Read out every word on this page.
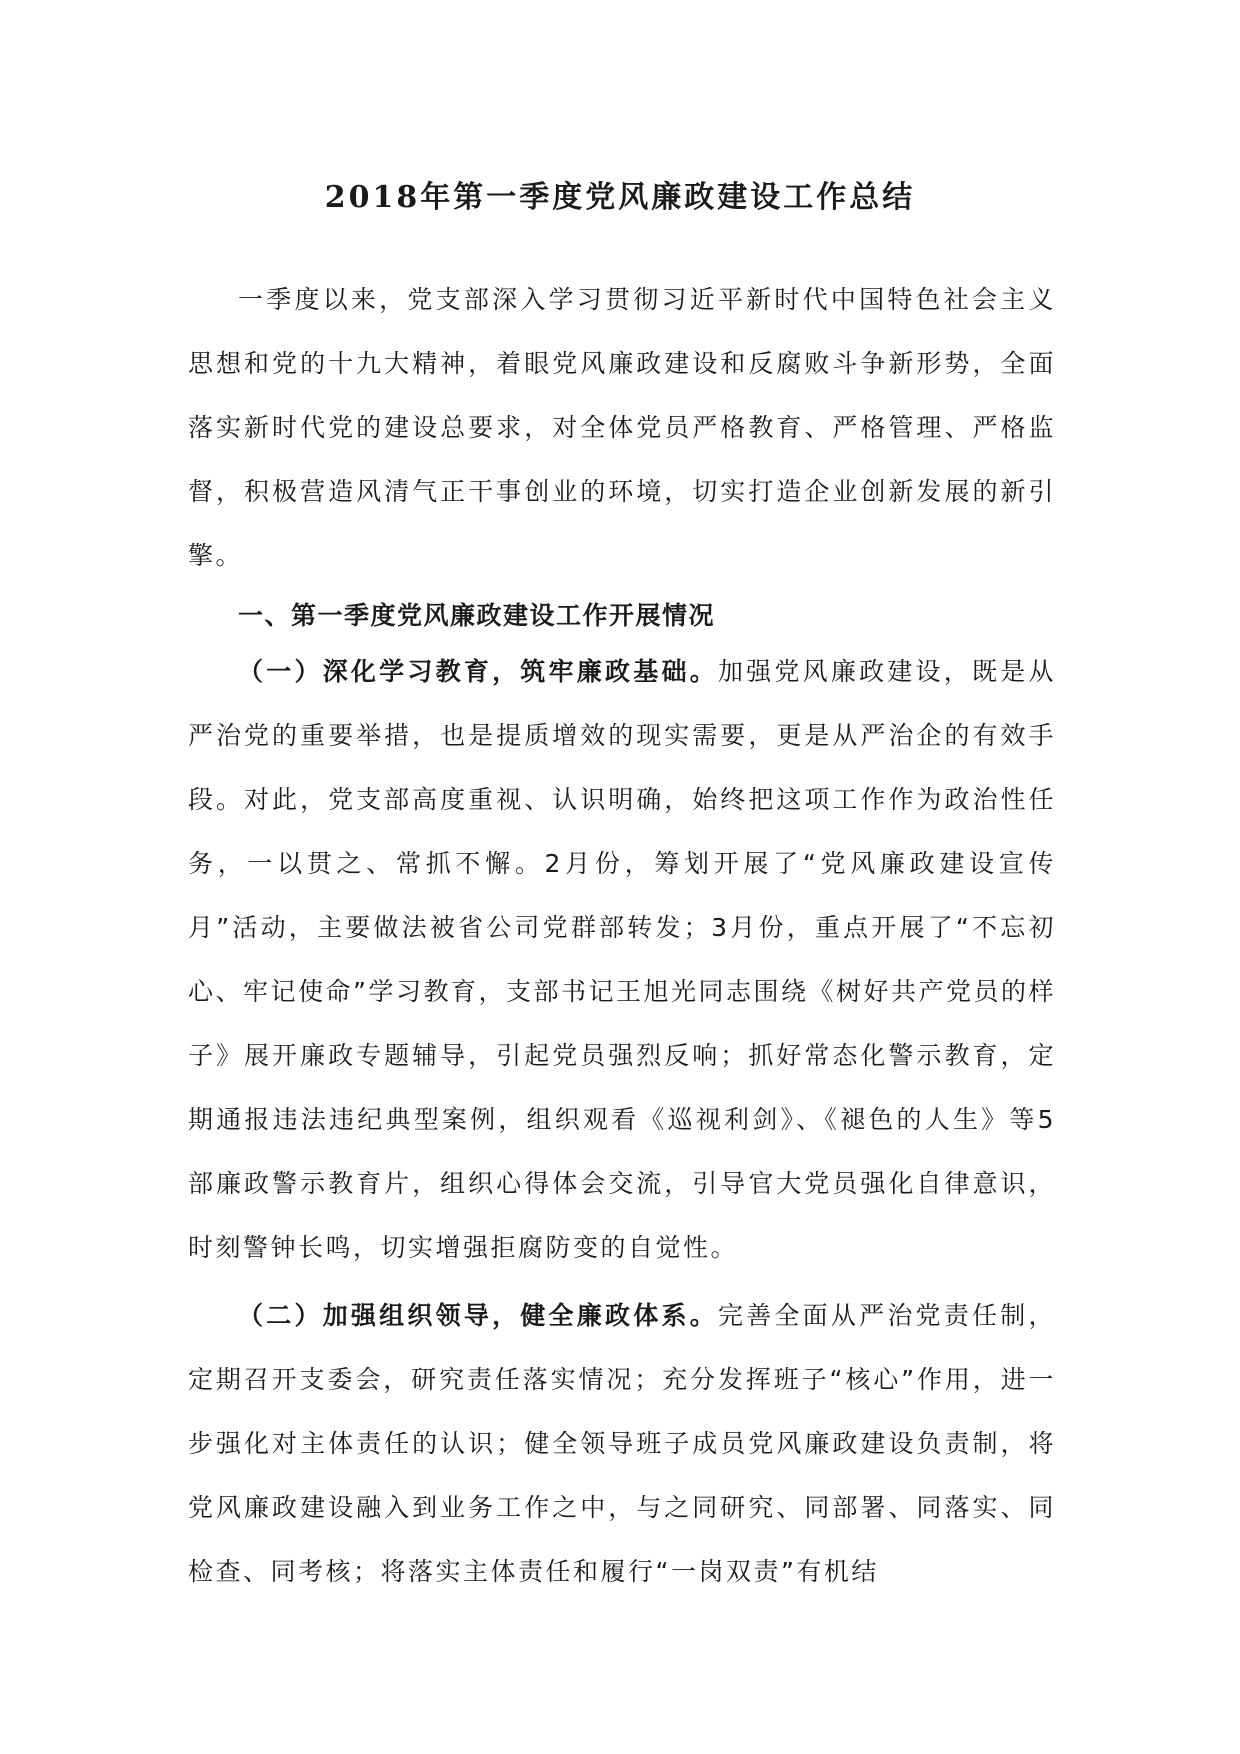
2018年第一季度党风廉政建设工作总结

一季度以来，党支部深入学习贯彻习近平新时代中国特色社会主义思想和党的十九大精神，着眼党风廉政建设和反腐败斗争新形势，全面落实新时代党的建设总要求，对全体党员严格教育、严格管理、严格监督，积极营造风清气正干事创业的环境，切实打造企业创新发展的新引擎。

一、第一季度党风廉政建设工作开展情况

（一）深化学习教育，筑牢廉政基础。加强党风廉政建设，既是从严治党的重要举措，也是提质增效的现实需要，更是从严治企的有效手段。对此，党支部高度重视、认识明确，始终把这项工作作为政治性任务，一以贯之、常抓不懈。2月份，筹划开展了“党风廉政建设宣传月”活动，主要做法被省公司党群部转发；3月份，重点开展了“不忘初心、牢记使命”学习教育，支部书记王旭光同志围绕《树好共产党员的样子》展开廉政专题辅导，引起党员强烈反响；抓好常态化警示教育，定期通报违法违纪典型案例，组织观看《巡视利剑》、《褪色的人生》等5部廉政警示教育片，组织心得体会交流，引导官大党员强化自律意识，时刻警钟长鸣，切实增强拒腐防变的自觉性。

（二）加强组织领导，健全廉政体系。完善全面从严治党责任制，定期召开支委会，研究责任落实情况；充分发挥班子“核心”作用，进一步强化对主体责任的认识；健全领导班子成员党风廉政建设负责制，将党风廉政建设融入到业务工作之中，与之同研究、同部署、同落实、同检查、同考核；将落实主体责任和履行“一岗双责”有机结
